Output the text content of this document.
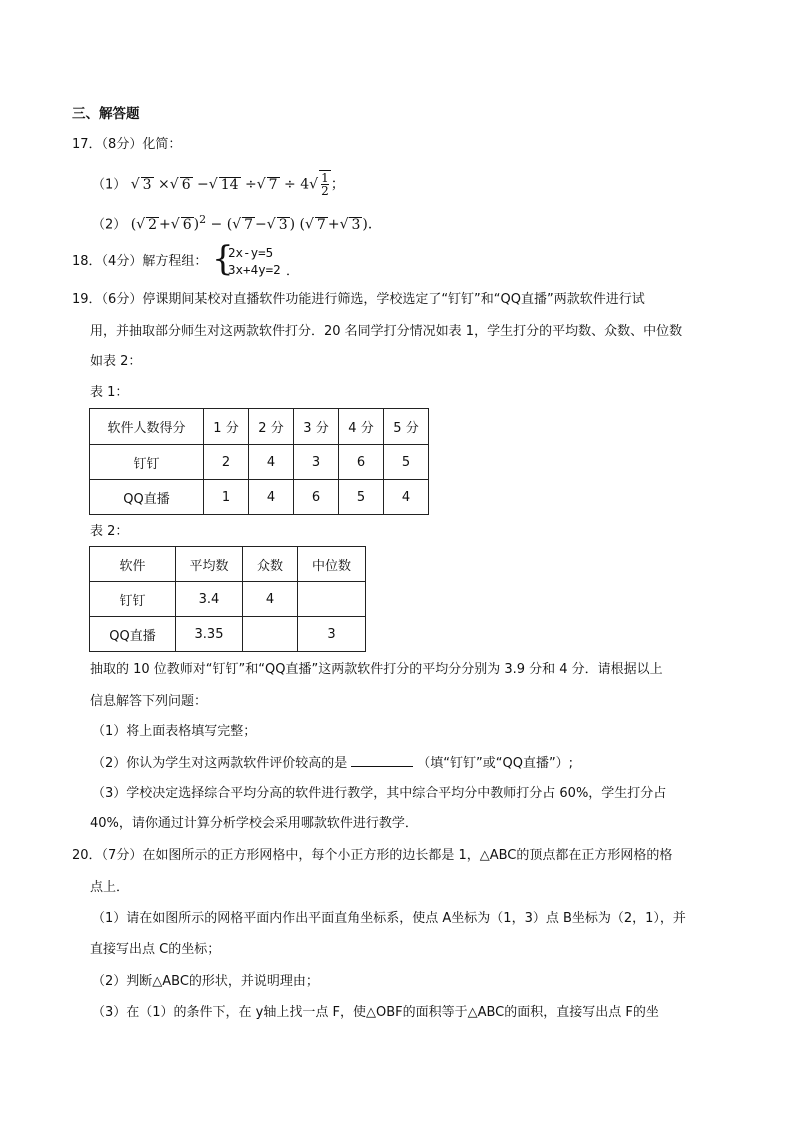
三、解答题
17．（8分）化简：
（1） √ 3 ×√ 6 −√ 14 ÷√ $7 \div 4√ \frac{1}{2}$ ；
（2） (√ 2 +√ 6 )$^2$ − (√ 7 −√ 3 ) (√ 7 +√ 3 )．
18．（4分）解方程组： {
2x-y=5
3x+4y=2 ．
19．（6分）停课期间某校对直播软件功能进行筛选，学校选定了“钉钉”和“QQ直播”两款软件进行试
用，并抽取部分师生对这两款软件打分．20 名同学打分情况如表 1，学生打分的平均数、众数、中位数
如表 2：
表 1：
软件人数得分	1 分	2 分	3 分	4 分	5 分
钉钉	2	4	3	6	5
QQ直播	1	4	6	5	4
表 2：
软件	平均数	众数	中位数
钉钉	3.4	4	
QQ直播	3.35		3
抽取的 10 位教师对“钉钉”和“QQ直播”这两款软件打分的平均分分别为 3.9 分和 4 分．请根据以上
信息解答下列问题：
（1）将上面表格填写完整；
（2）你认为学生对这两款软件评价较高的是	（填“钉钉”或“QQ直播”）;
（3）学校决定选择综合平均分高的软件进行教学，其中综合平均分中教师打分占 60%，学生打分占
40%，请你通过计算分析学校会采用哪款软件进行教学．
20．（7分）在如图所示的正方形网格中，每个小正方形的边长都是 1，△ABC的顶点都在正方形网格的格
点上．
（1）请在如图所示的网格平面内作出平面直角坐标系，使点 A坐标为（1，3）点 B坐标为（2，1），并
直接写出点 C的坐标；
（2）判断△ABC的形状，并说明理由；
（3）在（1）的条件下，在 y轴上找一点 F，使△OBF的面积等于△ABC的面积，直接写出点 F的坐
